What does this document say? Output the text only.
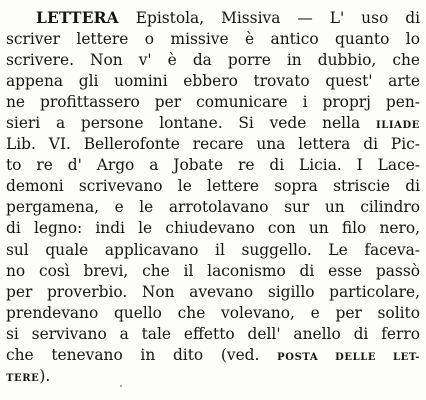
LETTERA Epistola, Missiva — L' uso di
scriver lettere o missive è antico quanto lo
scrivere. Non v' è da porre in dubbio, che
appena gli uomini ebbero trovato quest' arte
ne profittassero per comunicare i proprj pen-
sieri a persone lontane. Si vede nella ILIADE
Lib. VI. Bellerofonte recare una lettera di Pic-
to re d' Argo a Jobate re di Licia. I Lace-
demoni scrivevano le lettere sopra striscie di
pergamena, e le arrotolavano sur un cilindro
di legno: indi le chiudevano con un filo nero,
sul quale applicavano il suggello. Le faceva-
no così brevi, che il laconismo di esse passò
per proverbio. Non avevano sigillo particolare,
prendevano quello che volevano, e per solito
si servivano a tale effetto dell' anello di ferro
che tenevano in dito (ved. POSTA DELLE LET-
TERE).
